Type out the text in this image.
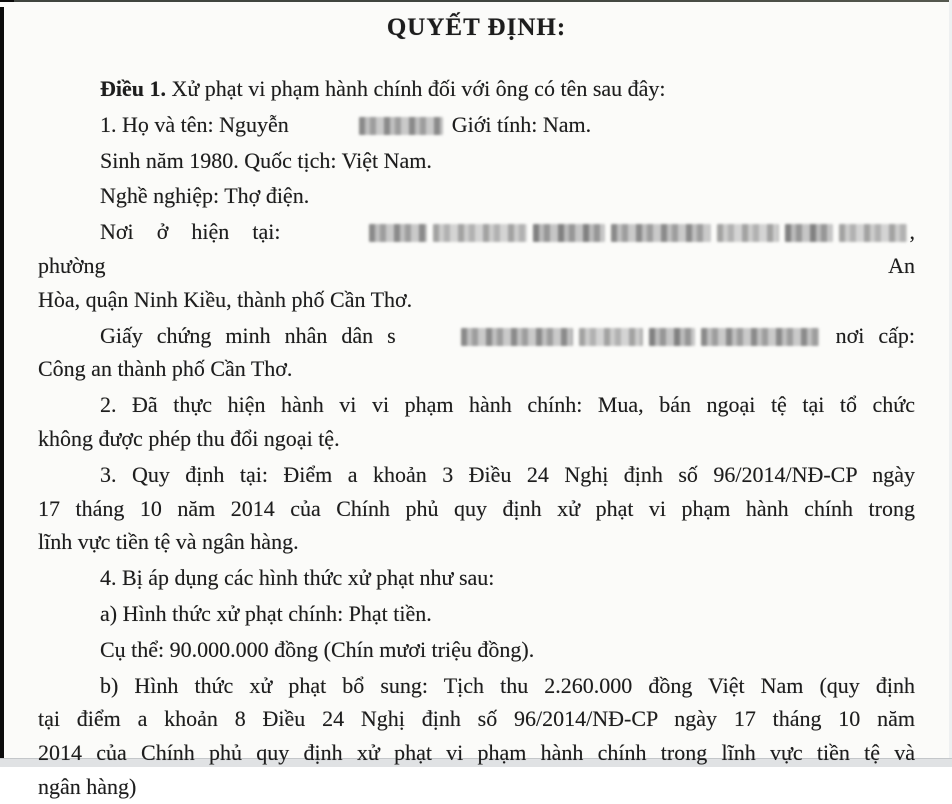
QUYẾT ĐỊNH:
Điều 1. Xử phạt vi phạm hành chính đối với ông có tên sau đây:
1. Họ và tên: Nguyễn	Giới tính: Nam.
Sinh năm 1980. Quốc tịch: Việt Nam.
Nghề nghiệp: Thợ điện.
Nơi ở hiện tại:	, phường An
Hòa, quận Ninh Kiều, thành phố Cần Thơ.
Giấy chứng minh nhân dân s	nơi cấp:
Công an thành phố Cần Thơ.
2. Đã thực hiện hành vi vi phạm hành chính: Mua, bán ngoại tệ tại tổ chức
không được phép thu đổi ngoại tệ.
3. Quy định tại: Điểm a khoản 3 Điều 24 Nghị định số 96/2014/NĐ-CP ngày
17 tháng 10 năm 2014 của Chính phủ quy định xử phạt vi phạm hành chính trong
lĩnh vực tiền tệ và ngân hàng.
4. Bị áp dụng các hình thức xử phạt như sau:
a) Hình thức xử phạt chính: Phạt tiền.
Cụ thể: 90.000.000 đồng (Chín mươi triệu đồng).
b) Hình thức xử phạt bổ sung: Tịch thu 2.260.000 đồng Việt Nam (quy định
tại điểm a khoản 8 Điều 24 Nghị định số 96/2014/NĐ-CP ngày 17 tháng 10 năm
2014 của Chính phủ quy định xử phạt vi phạm hành chính trong lĩnh vực tiền tệ và
ngân hàng)
